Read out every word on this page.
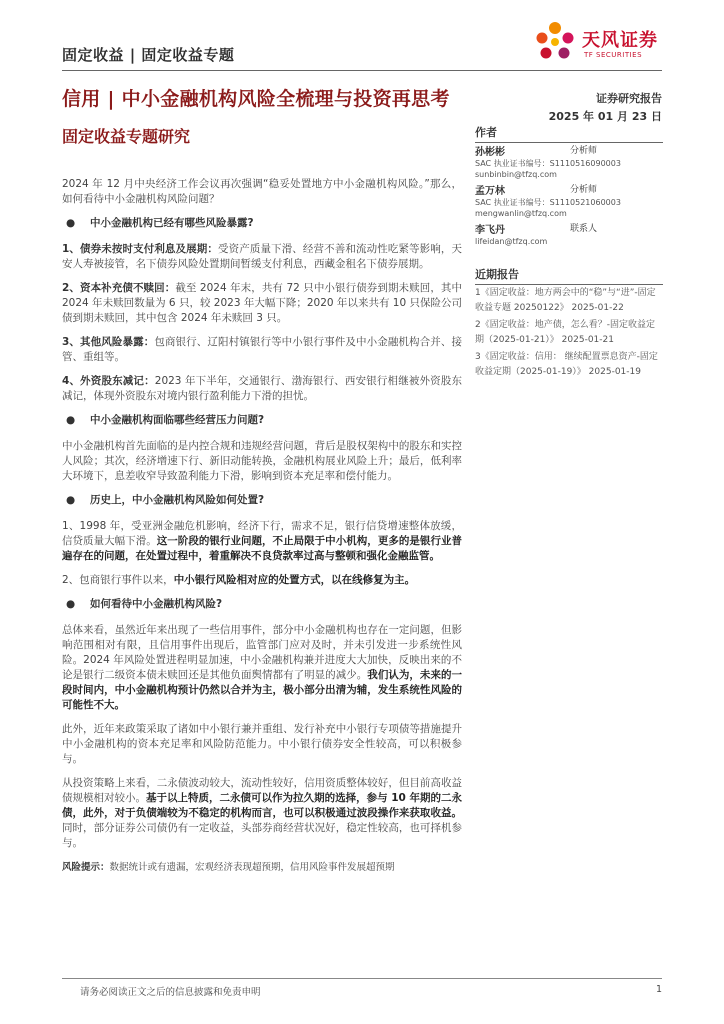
固定收益 | 固定收益专题
天风证券
TF SECURITIES
信用 | 中小金融机构风险全梳理与投资再思考
固定收益专题研究
证券研究报告
2025 年 01 月 23 日
作者
孙彬彬	分析师
SAC 执业证书编号：S1110516090003
sunbinbin@tfzq.com
孟万林	分析师
SAC 执业证书编号：S1110521060003
mengwanlin@tfzq.com
李飞丹	联系人
lifeidan@tfzq.com
近期报告
1《固定收益：地方两会中的“稳”与“进”-固定收益专题 20250122》 2025-01-22
2《固定收益：地产债，怎么看？-固定收益定期（2025-01-21）》 2025-01-21
3《固定收益：信用： 继续配置票息资产-固定收益定期（2025-01-19）》 2025-01-19

2024 年 12 月中央经济工作会议再次强调“稳妥处置地方中小金融机构风险。”那么，如何看待中小金融机构风险问题？

● 中小金融机构已经有哪些风险暴露?

1、债券未按时支付利息及展期：受资产质量下滑、经营不善和流动性吃紧等影响，天安人寿被接管，名下债券风险处置期间暂缓支付利息，西藏金租名下债券展期。

2、资本补充债不赎回：截至 2024 年末，共有 72 只中小银行债券到期未赎回，其中 2024 年未赎回数量为 6 只，较 2023 年大幅下降；2020 年以来共有 10 只保险公司债到期未赎回，其中包含 2024 年未赎回 3 只。

3、其他风险暴露：包商银行、辽阳村镇银行等中小银行事件及中小金融机构合并、接管、重组等。

4、外资股东减记：2023 年下半年，交通银行、渤海银行、西安银行相继被外资股东减记，体现外资股东对境内银行盈利能力下滑的担忧。

● 中小金融机构面临哪些经营压力问题?

中小金融机构首先面临的是内控合规和违规经营问题，背后是股权架构中的股东和实控人风险；其次，经济增速下行、新旧动能转换，金融机构展业风险上升；最后，低利率大环境下，息差收窄导致盈利能力下滑，影响到资本充足率和偿付能力。

● 历史上，中小金融机构风险如何处置?

1、1998 年，受亚洲金融危机影响，经济下行，需求不足，银行信贷增速整体放缓，信贷质量大幅下滑。这一阶段的银行业问题，不止局限于中小机构，更多的是银行业普遍存在的问题，在处置过程中，着重解决不良贷款率过高与整顿和强化金融监管。

2、包商银行事件以来，中小银行风险相对应的处置方式，以在线修复为主。

● 如何看待中小金融机构风险?

总体来看，虽然近年来出现了一些信用事件，部分中小金融机构也存在一定问题，但影响范围相对有限，且信用事件出现后，监管部门应对及时，并未引发进一步系统性风险。2024 年风险处置进程明显加速，中小金融机构兼并进度大大加快，反映出来的不论是银行二级资本债未赎回还是其他负面舆情都有了明显的减少。我们认为，未来的一段时间内，中小金融机构预计仍然以合并为主，极小部分出清为辅，发生系统性风险的可能性不大。

此外，近年来政策采取了诸如中小银行兼并重组、发行补充中小银行专项债等措施提升中小金融机构的资本充足率和风险防范能力。中小银行债券安全性较高，可以积极参与。

从投资策略上来看，二永债波动较大，流动性较好，信用资质整体较好，但目前高收益债规模相对较小。基于以上特质，二永债可以作为拉久期的选择，参与 10 年期的二永债，此外，对于负债端较为不稳定的机构而言，也可以积极通过波段操作来获取收益。同时，部分证券公司债仍有一定收益，头部券商经营状况好，稳定性较高，也可择机参与。

风险提示：数据统计或有遗漏，宏观经济表现超预期，信用风险事件发展超预期

请务必阅读正文之后的信息披露和免责申明	1
